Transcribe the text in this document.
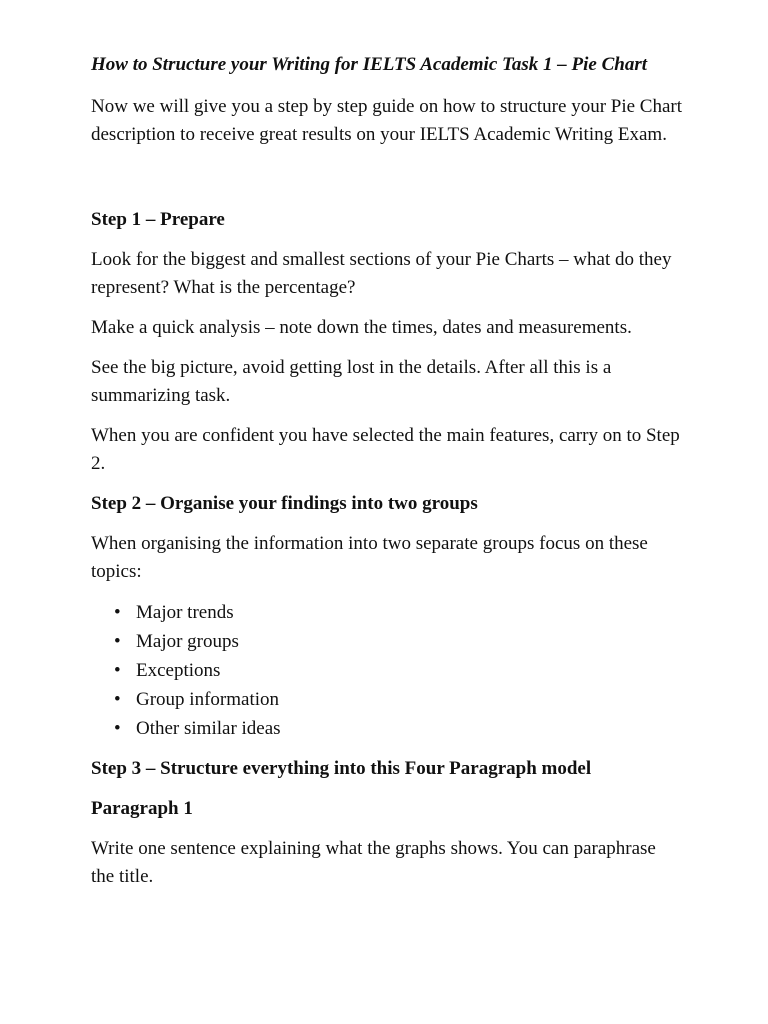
How to Structure your Writing for IELTS Academic Task 1 – Pie Chart

Now we will give you a step by step guide on how to structure your Pie Chart description to receive great results on your IELTS Academic Writing Exam.

Step 1 – Prepare

Look for the biggest and smallest sections of your Pie Charts – what do they represent? What is the percentage?

Make a quick analysis – note down the times, dates and measurements.

See the big picture, avoid getting lost in the details. After all this is a summarizing task.

When you are confident you have selected the main features, carry on to Step 2.

Step 2 – Organise your findings into two groups

When organising the information into two separate groups focus on these topics:

• Major trends
• Major groups
• Exceptions
• Group information
• Other similar ideas
Step 3 – Structure everything into this Four Paragraph model
Paragraph 1

Write one sentence explaining what the graphs shows. You can paraphrase the title.
